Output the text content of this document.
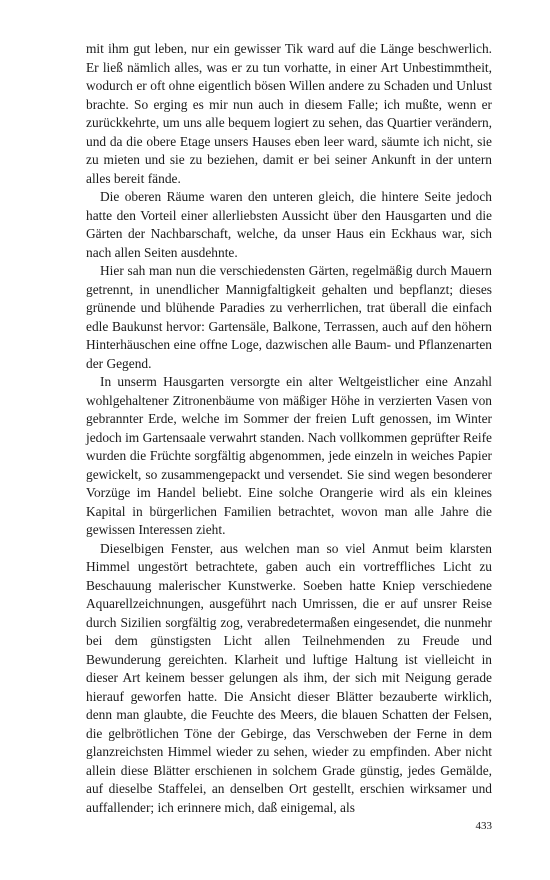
mit ihm gut leben, nur ein gewisser Tik ward auf die Länge beschwerlich. Er ließ nämlich alles, was er zu tun vorhatte, in einer Art Unbestimmtheit, wodurch er oft ohne eigentlich bösen Willen andere zu Schaden und Unlust brachte. So erging es mir nun auch in diesem Falle; ich mußte, wenn er zurückkehrte, um uns alle bequem logiert zu sehen, das Quartier verändern, und da die obere Etage unsers Hauses eben leer ward, säumte ich nicht, sie zu mieten und sie zu beziehen, damit er bei seiner Ankunft in der untern alles bereit fände.

Die oberen Räume waren den unteren gleich, die hintere Seite jedoch hatte den Vorteil einer allerliebsten Aussicht über den Hausgarten und die Gärten der Nachbarschaft, welche, da unser Haus ein Eckhaus war, sich nach allen Seiten ausdehnte.

Hier sah man nun die verschiedensten Gärten, regelmäßig durch Mauern getrennt, in unendlicher Mannigfaltigkeit gehalten und bepflanzt; dieses grünende und blühende Paradies zu verherrlichen, trat überall die einfach edle Baukunst hervor: Gartensäle, Balkone, Terrassen, auch auf den höhern Hinterhäuschen eine offne Loge, dazwischen alle Baum- und Pflanzenarten der Gegend.

In unserm Hausgarten versorgte ein alter Weltgeistlicher eine Anzahl wohlgehaltener Zitronenbäume von mäßiger Höhe in verzierten Vasen von gebrannter Erde, welche im Sommer der freien Luft genossen, im Winter jedoch im Gartensaale verwahrt standen. Nach vollkommen geprüfter Reife wurden die Früchte sorgfältig abgenommen, jede einzeln in weiches Papier gewickelt, so zusammengepackt und versendet. Sie sind wegen besonderer Vorzüge im Handel beliebt. Eine solche Orangerie wird als ein kleines Kapital in bürgerlichen Familien betrachtet, wovon man alle Jahre die gewissen Interessen zieht.

Dieselbigen Fenster, aus welchen man so viel Anmut beim klarsten Himmel ungestört betrachtete, gaben auch ein vortreffliches Licht zu Beschauung malerischer Kunstwerke. Soeben hatte Kniep verschiedene Aquarellzeichnungen, ausgeführt nach Umrissen, die er auf unsrer Reise durch Sizilien sorgfältig zog, verabredetermaßen eingesendet, die nunmehr bei dem günstigsten Licht allen Teilnehmenden zu Freude und Bewunderung gereichten. Klarheit und luftige Haltung ist vielleicht in dieser Art keinem besser gelungen als ihm, der sich mit Neigung gerade hierauf geworfen hatte. Die Ansicht dieser Blätter bezauberte wirklich, denn man glaubte, die Feuchte des Meers, die blauen Schatten der Felsen, die gelbrötlichen Töne der Gebirge, das Verschweben der Ferne in dem glanzreichsten Himmel wieder zu sehen, wieder zu empfinden. Aber nicht allein diese Blätter erschienen in solchem Grade günstig, jedes Gemälde, auf dieselbe Staffelei, an denselben Ort gestellt, erschien wirksamer und auffallender; ich erinnere mich, daß einigemal, als

433
